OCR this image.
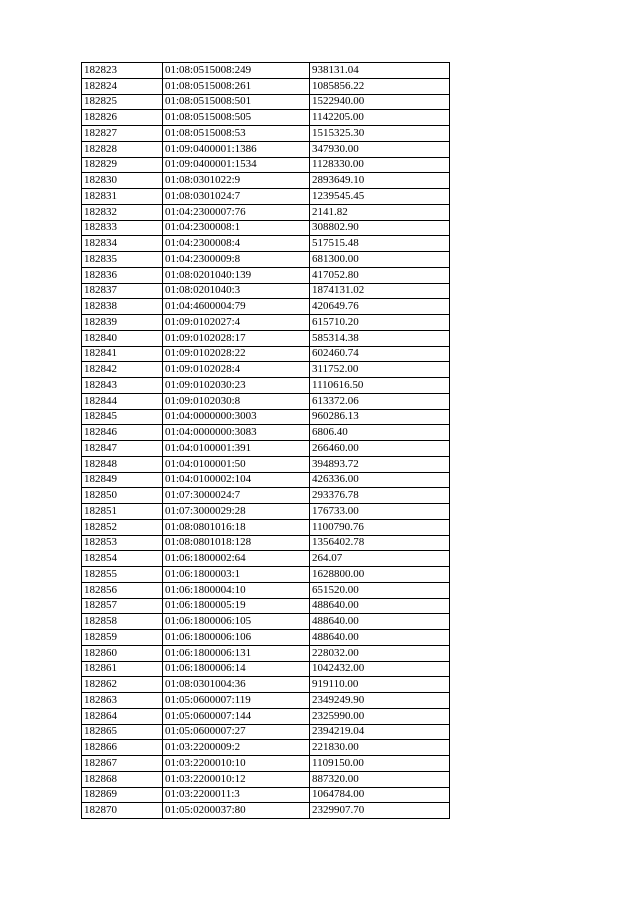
182823	01:08:0515008:249	938131.04
182824	01:08:0515008:261	1085856.22
182825	01:08:0515008:501	1522940.00
182826	01:08:0515008:505	1142205.00
182827	01:08:0515008:53	1515325.30
182828	01:09:0400001:1386	347930.00
182829	01:09:0400001:1534	1128330.00
182830	01:08:0301022:9	2893649.10
182831	01:08:0301024:7	1239545.45
182832	01:04:2300007:76	2141.82
182833	01:04:2300008:1	308802.90
182834	01:04:2300008:4	517515.48
182835	01:04:2300009:8	681300.00
182836	01:08:0201040:139	417052.80
182837	01:08:0201040:3	1874131.02
182838	01:04:4600004:79	420649.76
182839	01:09:0102027:4	615710.20
182840	01:09:0102028:17	585314.38
182841	01:09:0102028:22	602460.74
182842	01:09:0102028:4	311752.00
182843	01:09:0102030:23	1110616.50
182844	01:09:0102030:8	613372.06
182845	01:04:0000000:3003	960286.13
182846	01:04:0000000:3083	6806.40
182847	01:04:0100001:391	266460.00
182848	01:04:0100001:50	394893.72
182849	01:04:0100002:104	426336.00
182850	01:07:3000024:7	293376.78
182851	01:07:3000029:28	176733.00
182852	01:08:0801016:18	1100790.76
182853	01:08:0801018:128	1356402.78
182854	01:06:1800002:64	264.07
182855	01:06:1800003:1	1628800.00
182856	01:06:1800004:10	651520.00
182857	01:06:1800005:19	488640.00
182858	01:06:1800006:105	488640.00
182859	01:06:1800006:106	488640.00
182860	01:06:1800006:131	228032.00
182861	01:06:1800006:14	1042432.00
182862	01:08:0301004:36	919110.00
182863	01:05:0600007:119	2349249.90
182864	01:05:0600007:144	2325990.00
182865	01:05:0600007:27	2394219.04
182866	01:03:2200009:2	221830.00
182867	01:03:2200010:10	1109150.00
182868	01:03:2200010:12	887320.00
182869	01:03:2200011:3	1064784.00
182870	01:05:0200037:80	2329907.70
